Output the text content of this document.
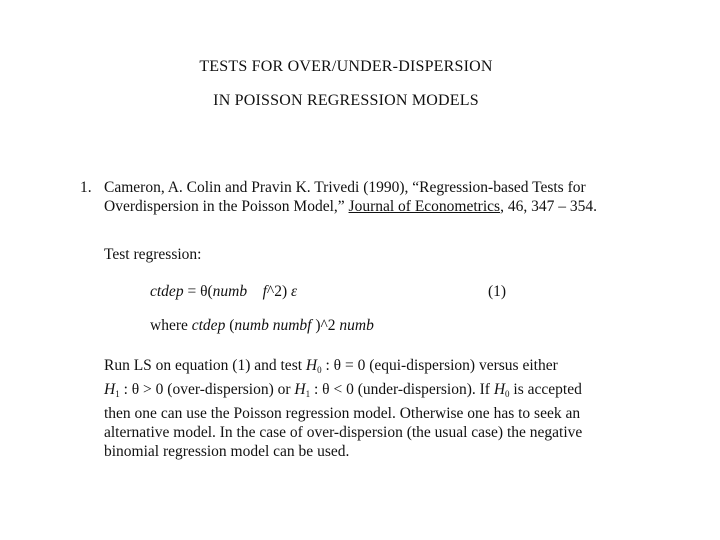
TESTS FOR OVER/UNDER-DISPERSION
IN POISSON REGRESSION MODELS
1. Cameron, A. Colin and Pravin K. Trivedi (1990), “Regression-based Tests for
Overdispersion in the Poisson Model,” Journal of Econometrics, 46, 347 – 354.
Test regression:
ctdep = θ(numb f^2) ε	(1)
where ctdep (numb numbf )^2 numb
Run LS on equation (1) and test $H_0$ : θ = 0 (equi-dispersion) versus either
$H_1$ : θ > 0 (over-dispersion) or $H_1$ : θ < 0 (under-dispersion). If $H_0$ is accepted
then one can use the Poisson regression model. Otherwise one has to seek an
alternative model. In the case of over-dispersion (the usual case) the negative
binomial regression model can be used.
